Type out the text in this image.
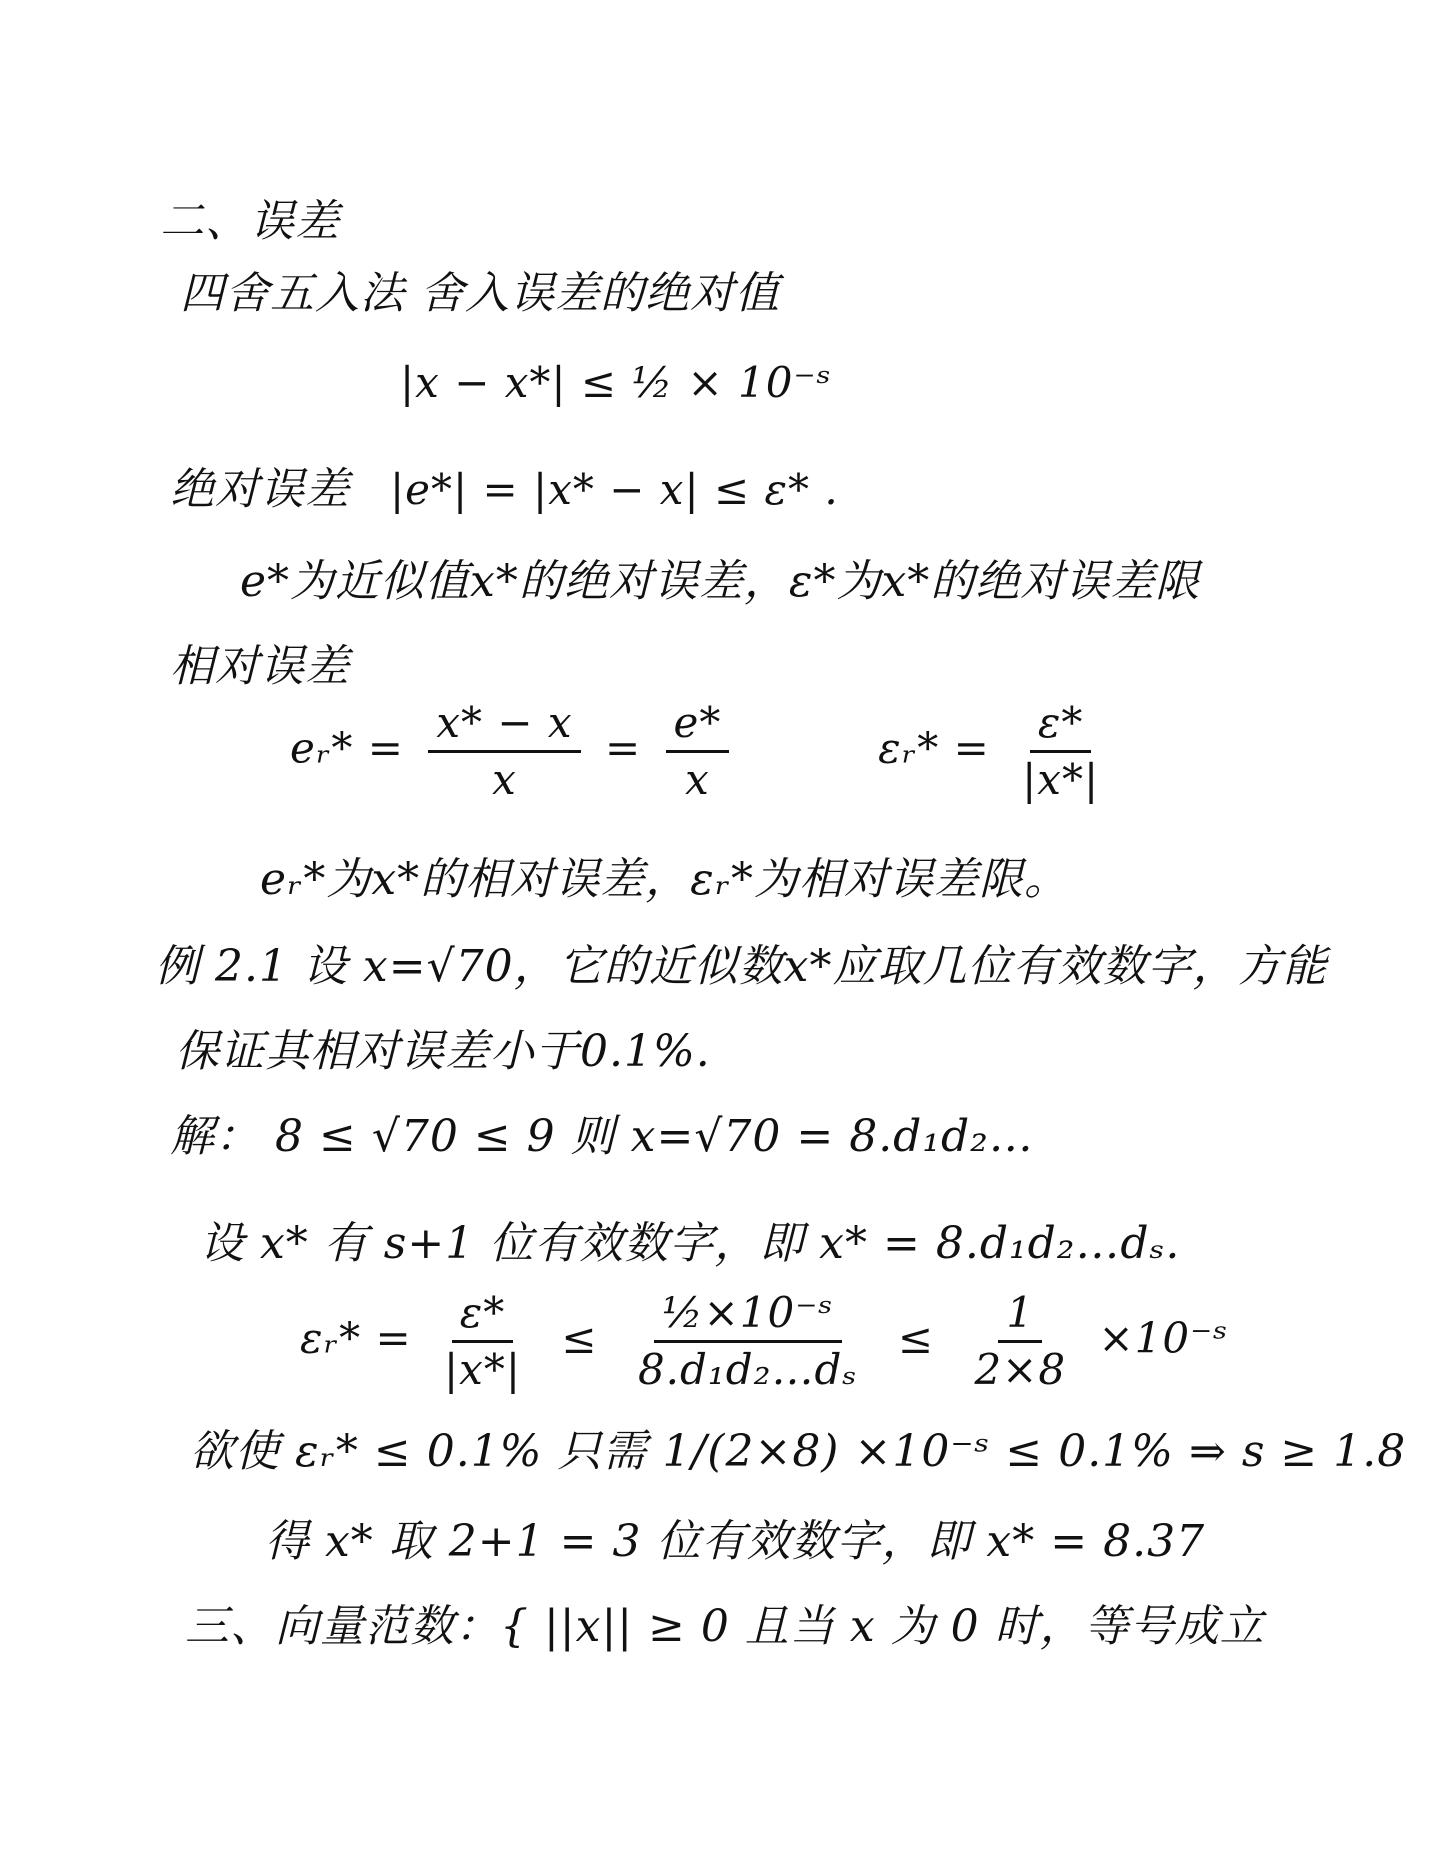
二、误差
四舍五入法 舍入误差的绝对值
|x − x*| ≤ ½ × 10⁻ˢ
绝对误差 |e*| = |x* − x| ≤ ε* .
e*为近似值x*的绝对误差，ε*为x*的绝对误差限
相对误差
eᵣ* = $\frac{x* - x}{x} = \frac{e*}{x}$	εᵣ* = $\frac{\varepsilon*}{|x*|}$
eᵣ*为x*的相对误差，εᵣ*为相对误差限。
例 2.1 设 x=√70，它的近似数x*应取几位有效数字，方能
保证其相对误差小于0.1%.
解： 8 ≤ √70 ≤ 9 则 x=√70 = 8.d₁d₂…
设 x* 有 s+1 位有效数字，即 x* = 8.d₁d₂…dₛ.
εᵣ* = $\frac{\varepsilon*}{|x*|} \le \frac{\text{½×10⁻ˢ}}{\text{8.d₁d₂…dₛ}} \le \frac{1}{2\times 8}$ ×10⁻ˢ
欲使 εᵣ* ≤ 0.1% 只需 1/(2×8) ×10⁻ˢ ≤ 0.1% ⇒ s ≥ 1.8
得 x* 取 2+1 = 3 位有效数字，即 x* = 8.37
三、向量范数：{ ||x|| ≥ 0 且当 x 为 0 时，等号成立
